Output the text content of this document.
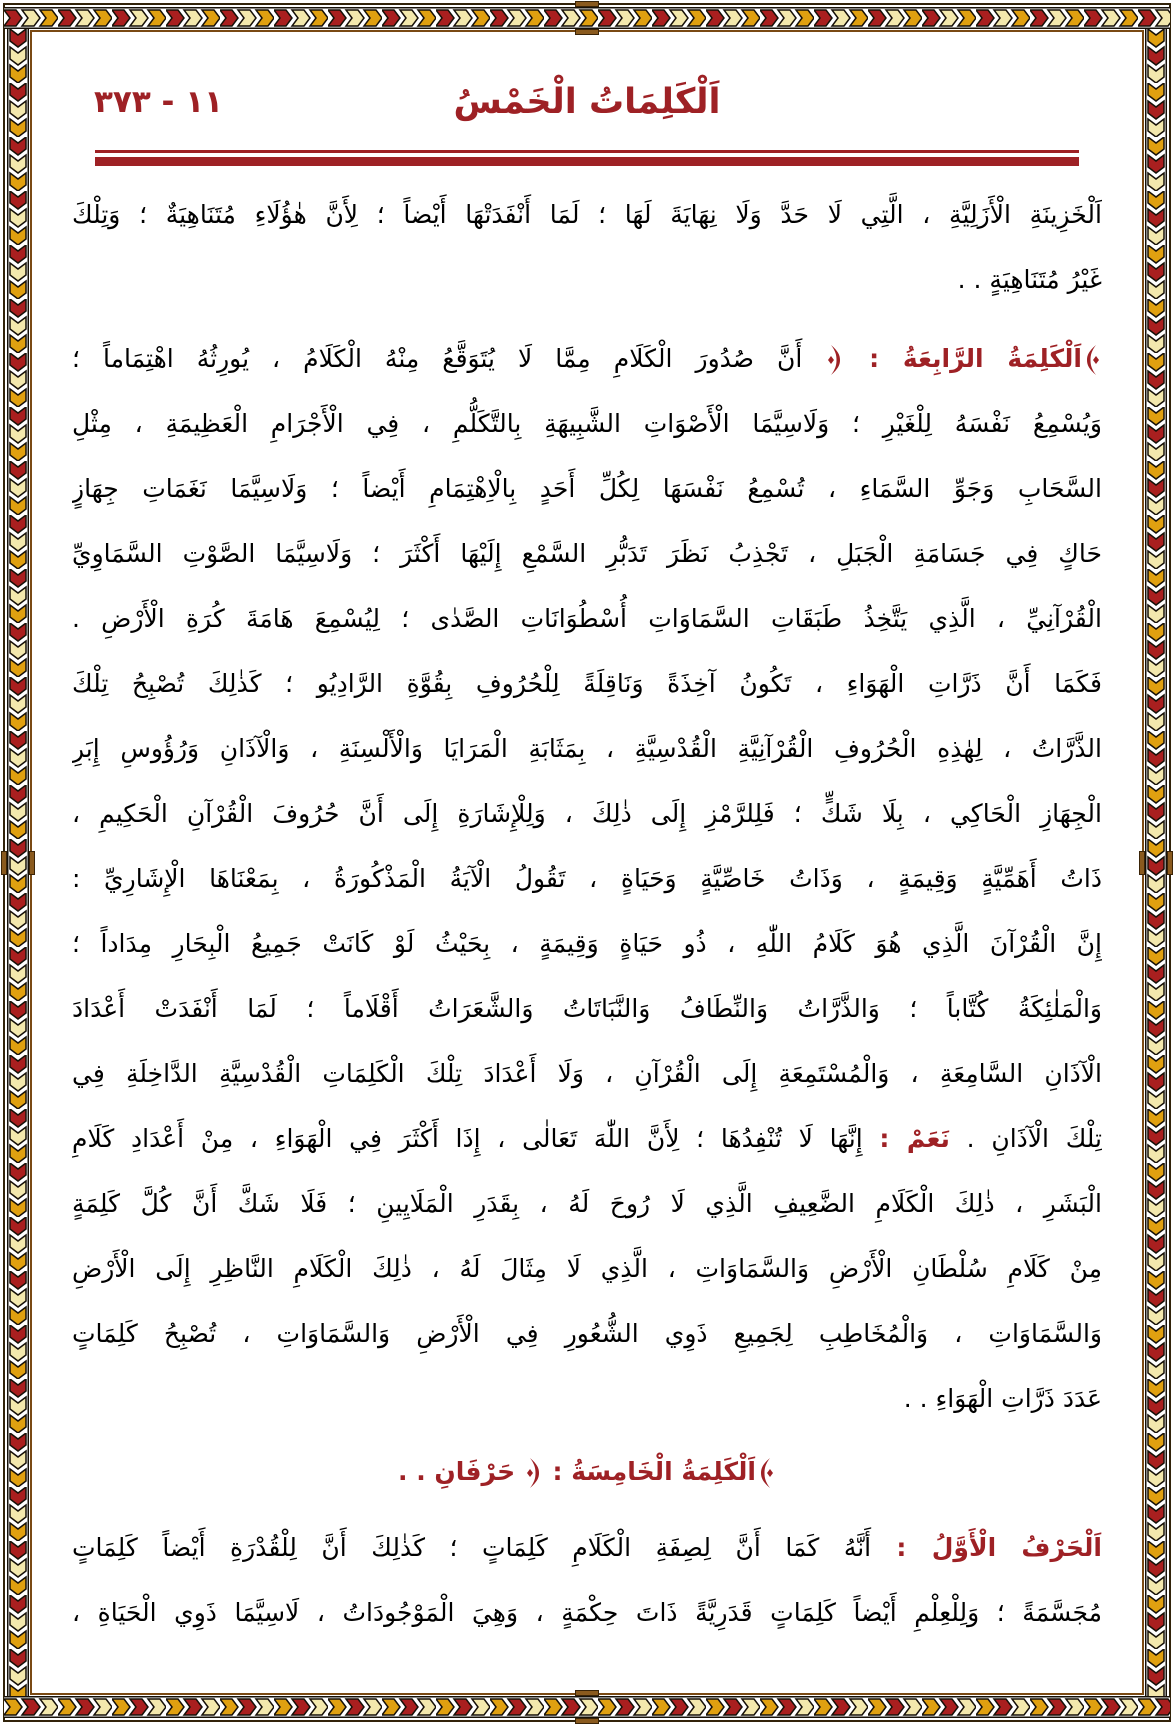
١١ - ٣٧٣	اَلْكَلِمَاتُ الْخَمْسُ
اَلْخَزِينَةِ الْأَزَلِيَّةِ ، الَّتِي لَا حَدَّ وَلَا نِهَايَةَ لَهَا ؛ لَمَا أَنْفَدَتْهَا أَيْضاً ؛ لِأَنَّ هٰؤُلَاءِ مُتَنَاهِيَةٌ ؛ وَتِلْكَ
غَيْرُ مُتَنَاهِيَةٍ . .
اَلْكَلِمَةُ الرَّابِعَةُ :
أَنَّ صُدُورَ الْكَلَامِ مِمَّا لَا يُتَوَقَّعُ مِنْهُ الْكَلَامُ ، يُورِثُهُ اهْتِمَاماً ؛
وَيُسْمِعُ نَفْسَهُ لِلْغَيْرِ ؛ وَلَاسِيَّمَا الْأَصْوَاتِ الشَّبِيهَةِ بِالتَّكَلُّمِ ، فِي الْأَجْرَامِ الْعَظِيمَةِ ، مِثْلِ
السَّحَابِ وَجَوِّ السَّمَاءِ ، تُسْمِعُ نَفْسَهَا لِكُلِّ أَحَدٍ بِالْاِهْتِمَامِ أَيْضاً ؛ وَلَاسِيَّمَا نَغَمَاتِ جِهَازٍ
حَاكٍ فِي جَسَامَةِ الْجَبَلِ ، تَجْذِبُ نَظَرَ تَدَبُّرِ السَّمْعِ إِلَيْهَا أَكْثَرَ ؛ وَلَاسِيَّمَا الصَّوْتِ السَّمَاوِيِّ
الْقُرْآنِيِّ ، الَّذِي يَتَّخِذُ طَبَقَاتِ السَّمَاوَاتِ أُسْطُوَانَاتِ الصَّدٰى ؛ لِيُسْمِعَ هَامَةَ كُرَةِ الْأَرْضِ .
فَكَمَا أَنَّ ذَرَّاتِ الْهَوَاءِ ، تَكُونُ آخِذَةً وَنَاقِلَةً لِلْحُرُوفِ بِقُوَّةِ الرَّادِيُو ؛ كَذٰلِكَ تُصْبِحُ تِلْكَ
الذَّرَّاتُ ، لِهٰذِهِ الْحُرُوفِ الْقُرْآنِيَّةِ الْقُدْسِيَّةِ ، بِمَثَابَةِ الْمَرَايَا وَالْأَلْسِنَةِ ، وَالْآذَانِ وَرُؤُوسِ إِبَرِ
الْجِهَازِ الْحَاكِي ، بِلَا شَكٍّ ؛ فَلِلرَّمْزِ إِلَى ذٰلِكَ ، وَلِلْإِشَارَةِ إِلَى أَنَّ حُرُوفَ الْقُرْآنِ الْحَكِيمِ ،
ذَاتُ أَهَمِّيَّةٍ وَقِيمَةٍ ، وَذَاتُ خَاصِّيَّةٍ وَحَيَاةٍ ، تَقُولُ الْآيَةُ الْمَذْكُورَةُ ، بِمَعْنَاهَا الْإِشَارِيِّ :
إِنَّ الْقُرْآنَ الَّذِي هُوَ كَلَامُ اللّٰهِ ، ذُو حَيَاةٍ وَقِيمَةٍ ، بِحَيْثُ لَوْ كَانَتْ جَمِيعُ الْبِحَارِ مِدَاداً ؛
وَالْمَلٰئِكَةُ كُتَّاباً ؛ وَالذَّرَّاتُ وَالنِّطَافُ وَالنَّبَاتَاتُ وَالشَّعَرَاتُ أَقْلَاماً ؛ لَمَا أَنْفَدَتْ أَعْدَادَ
الْآذَانِ السَّامِعَةِ ، وَالْمُسْتَمِعَةِ إِلَى الْقُرْآنِ ، وَلَا أَعْدَادَ تِلْكَ الْكَلِمَاتِ الْقُدْسِيَّةِ الدَّاخِلَةِ فِي
تِلْكَ الْآذَانِ . نَعَمْ : إِنَّهَا لَا تُنْفِدُهَا ؛ لِأَنَّ اللّٰهَ تَعَالٰى ، إِذَا أَكْثَرَ فِي الْهَوَاءِ ، مِنْ أَعْدَادِ كَلَامِ
الْبَشَرِ ، ذٰلِكَ الْكَلَامِ الضَّعِيفِ الَّذِي لَا رُوحَ لَهُ ، بِقَدَرِ الْمَلَايِينِ ؛ فَلَا شَكَّ أَنَّ كُلَّ كَلِمَةٍ
مِنْ كَلَامِ سُلْطَانِ الْأَرْضِ وَالسَّمَاوَاتِ ، الَّذِي لَا مِثَالَ لَهُ ، ذٰلِكَ الْكَلَامِ النَّاظِرِ إِلَى الْأَرْضِ
وَالسَّمَاوَاتِ ، وَالْمُخَاطِبِ لِجَمِيعِ ذَوِي الشُّعُورِ فِي الْأَرْضِ وَالسَّمَاوَاتِ ، تُصْبِحُ كَلِمَاتٍ
عَدَدَ ذَرَّاتِ الْهَوَاءِ . .
اَلْكَلِمَةُ الْخَامِسَةُ :
حَرْفَانِ . .
اَلْحَرْفُ الْأَوَّلُ : أَنَّهُ كَمَا أَنَّ لِصِفَةِ الْكَلَامِ كَلِمَاتٍ ؛ كَذٰلِكَ أَنَّ لِلْقُدْرَةِ أَيْضاً كَلِمَاتٍ
مُجَسَّمَةً ؛ وَلِلْعِلْمِ أَيْضاً كَلِمَاتٍ قَدَرِيَّةً ذَاتَ حِكْمَةٍ ، وَهِيَ الْمَوْجُودَاتُ ، لَاسِيَّمَا ذَوِي الْحَيَاةِ ،
